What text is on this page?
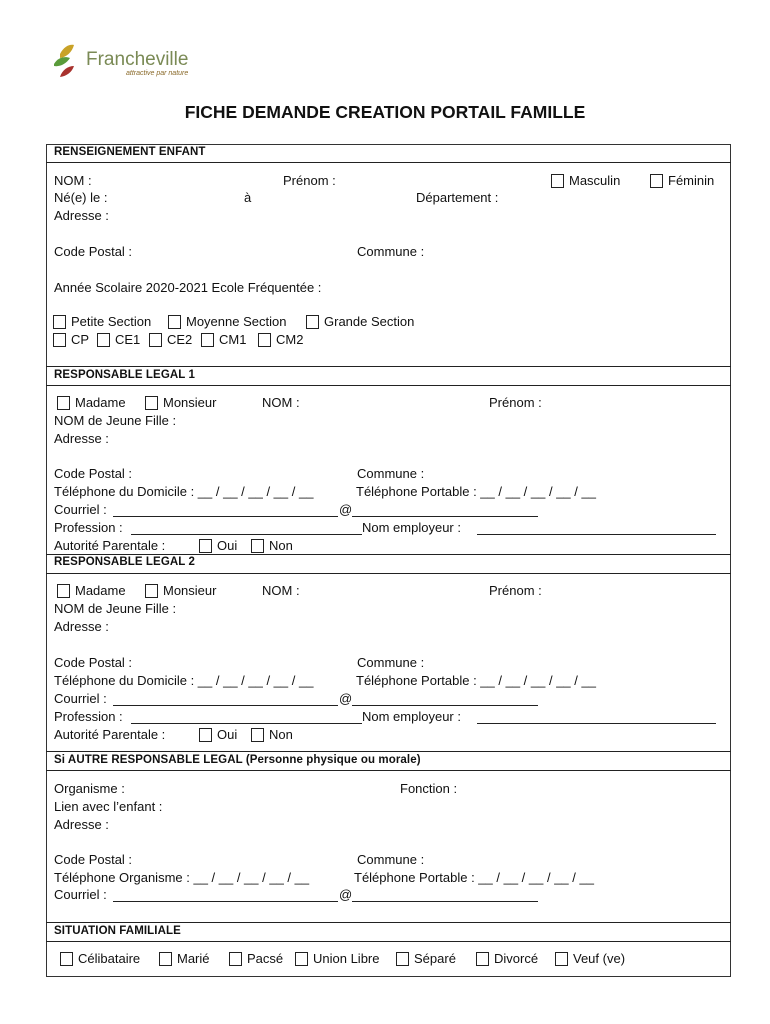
Francheville
attractive par nature
FICHE DEMANDE CREATION PORTAIL FAMILLE
RENSEIGNEMENT ENFANT
NOM :	Prénom :	Masculin	Féminin
Né(e) le :	à	Département :
Adresse :
Code Postal :	Commune :
Année Scolaire 2020-2021 Ecole Fréquentée :
Petite Section	Moyenne Section	Grande Section
CP CE1 CE2 CM1 CM2
RESPONSABLE LEGAL 1
Madame	Monsieur	NOM :	Prénom :
NOM de Jeune Fille :
Adresse :
Code Postal :	Commune :
Téléphone du Domicile : __ / __ / __ / __ / __	Téléphone Portable : __ / __ / __ / __ / __
Courriel :	@
Profession :	Nom employeur :
Autorité Parentale :	Oui Non
RESPONSABLE LEGAL 2
Madame	Monsieur	NOM :	Prénom :
NOM de Jeune Fille :
Adresse :
Code Postal :	Commune :
Téléphone du Domicile : __ / __ / __ / __ / __	Téléphone Portable : __ / __ / __ / __ / __
Courriel :	@
Profession :	Nom employeur :
Autorité Parentale :	Oui Non
Si AUTRE RESPONSABLE LEGAL (Personne physique ou morale)
Organisme :	Fonction :
Lien avec l’enfant :
Adresse :
Code Postal :	Commune :
Téléphone Organisme : __ / __ / __ / __ / __	Téléphone Portable : __ / __ / __ / __ / __
Courriel :	@
SITUATION FAMILIALE
Célibataire	Marié	Pacsé Union Libre	Séparé	Divorcé	Veuf (ve)
